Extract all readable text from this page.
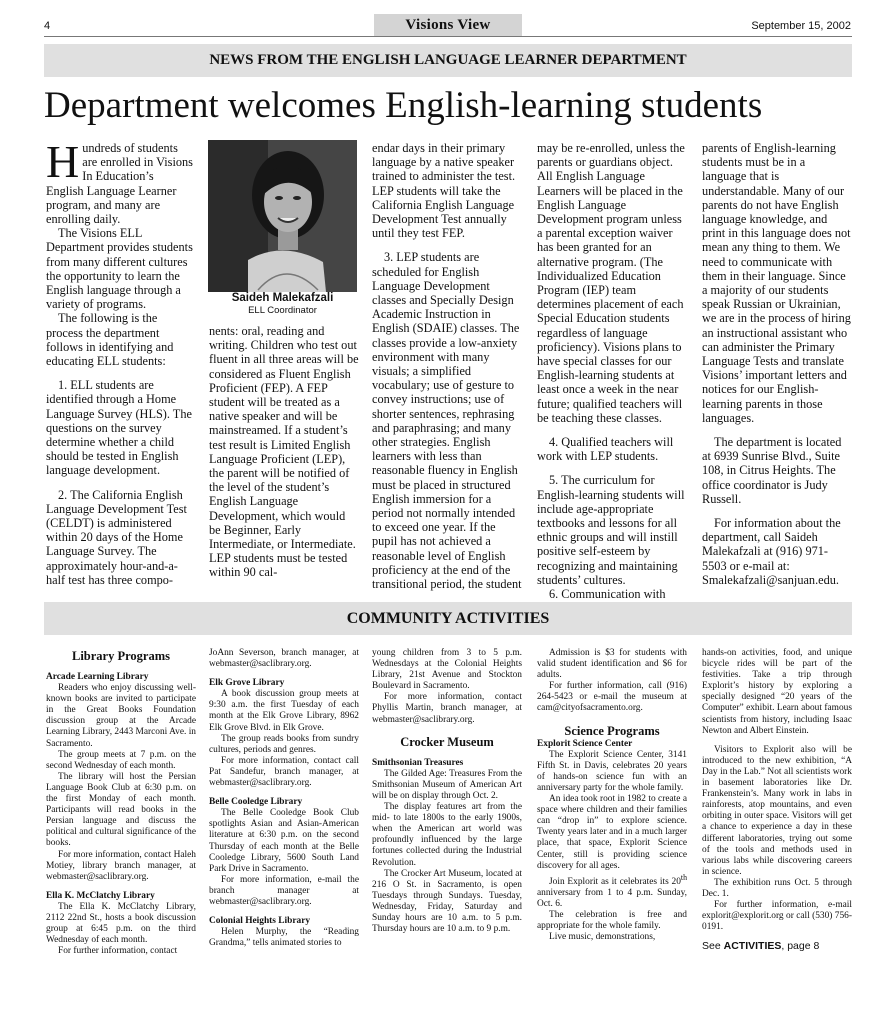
4	Visions View	September 15, 2002
NEWS FROM THE ENGLISH LANGUAGE LEARNER DEPARTMENT
Department welcomes English-learning students

Hundreds of students are enrolled in Visions In Education’s English Language Learner program, and many are enrolling daily.

The Visions ELL Department provides students from many different cultures the opportunity to learn the English language through a variety of programs.

The following is the process the department follows in identifying and educating ELL students:

1. ELL students are identified through a Home Language Survey (HLS). The questions on the survey determine whether a child should be tested in English language development.

2. The California English Language Development Test (CELDT) is administered within 20 days of the Home Language Survey. The approximately hour-and-a-half test has three compo-

Saideh Malekafzali
ELL Coordinator

nents: oral, reading and writing. Children who test out fluent in all three areas will be considered as Fluent English Proficient (FEP). A FEP student will be treated as a native speaker and will be mainstreamed. If a student’s test result is Limited English Language Proficient (LEP), the parent will be notified of the level of the student’s English Language Development, which would be Beginner, Early Intermediate, or Intermediate. LEP students must be tested within 90 cal-

endar days in their primary language by a native speaker trained to administer the test. LEP students will take the California English Language Development Test annually until they test FEP.

3. LEP students are scheduled for English Language Development classes and Specially Design Academic Instruction in English (SDAIE) classes. The classes provide a low-anxiety environment with many visuals; a simplified vocabulary; use of gesture to convey instructions; use of shorter sentences, rephrasing and paraphrasing; and many other strategies. English learners with less than reasonable fluency in English must be placed in structured English immersion for a period not normally intended to exceed one year. If the pupil has not achieved a reasonable level of English proficiency at the end of the transitional period, the student

may be re-enrolled, unless the parents or guardians object. All English Language Learners will be placed in the English Language Development program unless a parental exception waiver has been granted for an alternative program. (The Individualized Education Program (IEP) team determines placement of each Special Education students regardless of language proficiency). Visions plans to have special classes for our English-learning students at least once a week in the near future; qualified teachers will be teaching these classes.

4. Qualified teachers will work with LEP students.

5. The curriculum for English-learning students will include age-appropriate textbooks and lessons for all ethnic groups and will instill positive self-esteem by recognizing and maintaining students’ cultures.

6. Communication with

parents of English-learning students must be in a language that is understandable. Many of our parents do not have English language knowledge, and print in this language does not mean any thing to them. We need to communicate with them in their language. Since a majority of our students speak Russian or Ukrainian, we are in the process of hiring an instructional assistant who can administer the Primary Language Tests and translate Visions’ important letters and notices for our English-learning parents in those languages.

The department is located at 6939 Sunrise Blvd., Suite 108, in Citrus Heights. The office coordinator is Judy Russell.

For information about the department, call Saideh Malekafzali at (916) 971-5503 or e-mail at: Smalekafzali@sanjuan.edu.

COMMUNITY ACTIVITIES
Library Programs

Arcade Learning Library

Readers who enjoy discussing well-known books are invited to participate in the Great Books Foundation discussion group at the Arcade Learning Library, 2443 Marconi Ave. in Sacramento.

The group meets at 7 p.m. on the second Wednesday of each month.

The library will host the Persian Language Book Club at 6:30 p.m. on the first Monday of each month. Participants will read books in the Persian language and discuss the political and cultural significance of the books.

For more information, contact Haleh Motiey, library branch manager, at webmaster@saclibrary.org.

Ella K. McClatchy Library

The Ella K. McClatchy Library, 2112 22nd St., hosts a book discussion group at 6:45 p.m. on the third Wednesday of each month.

For further information, contact

JoAnn Severson, branch manager, at webmaster@saclibrary.org.

Elk Grove Library

A book discussion group meets at 9:30 a.m. the first Tuesday of each month at the Elk Grove Library, 8962 Elk Grove Blvd. in Elk Grove.

The group reads books from sundry cultures, periods and genres.

For more information, contact call Pat Sandefur, branch manager, at webmaster@saclibrary.org.

Belle Cooledge Library

The Belle Cooledge Book Club spotlights Asian and Asian-American literature at 6:30 p.m. on the second Thursday of each month at the Belle Cooledge Library, 5600 South Land Park Drive in Sacramento.

For more information, e-mail the branch manager at webmaster@saclibrary.org.

Colonial Heights Library

Helen Murphy, the “Reading Grandma,” tells animated stories to

young children from 3 to 5 p.m. Wednesdays at the Colonial Heights Library, 21st Avenue and Stockton Boulevard in Sacramento.

For more information, contact Phyllis Martin, branch manager, at webmaster@saclibrary.org.

Crocker Museum

Smithsonian Treasures

The Gilded Age: Treasures From the Smithsonian Museum of American Art will be on display through Oct. 2.

The display features art from the mid- to late 1800s to the early 1900s, when the American art world was profoundly influenced by the large fortunes collected during the Industrial Revolution.

The Crocker Art Museum, located at 216 O St. in Sacramento, is open Tuesdays through Sundays. Tuesday, Wednesday, Friday, Saturday and Sunday hours are 10 a.m. to 5 p.m. Thursday hours are 10 a.m. to 9 p.m.

Admission is $3 for students with valid student identification and $6 for adults.

For further information, call (916) 264-5423 or e-mail the museum at cam@cityofsacramento.org.

Science Programs

Explorit Science Center

The Explorit Science Center, 3141 Fifth St. in Davis, celebrates 20 years of hands-on science fun with an anniversary party for the whole family.

An idea took root in 1982 to create a space where children and their families can “drop in” to explore science. Twenty years later and in a much larger place, that space, Explorit Science Center, still is providing science discovery for all ages.

Join Explorit as it celebrates its 20th anniversary from 1 to 4 p.m. Sunday, Oct. 6.

The celebration is free and appropriate for the whole family.

Live music, demonstrations,

hands-on activities, food, and unique bicycle rides will be part of the festivities. Take a trip through Explorit’s history by exploring a specially designed “20 years of the Computer” exhibit. Learn about famous scientists from history, including Isaac Newton and Albert Einstein.

Visitors to Explorit also will be introduced to the new exhibition, “A Day in the Lab.” Not all scientists work in basement laboratories like Dr. Frankenstein’s. Many work in labs in rainforests, atop mountains, and even orbiting in outer space. Visitors will get a chance to experience a day in these different laboratories, trying out some of the tools and methods used in various labs while discovering careers in science.

The exhibition runs Oct. 5 through Dec. 1.

For further information, e-mail explorit@explorit.org or call (530) 756-0191.

See ACTIVITIES, page 8
